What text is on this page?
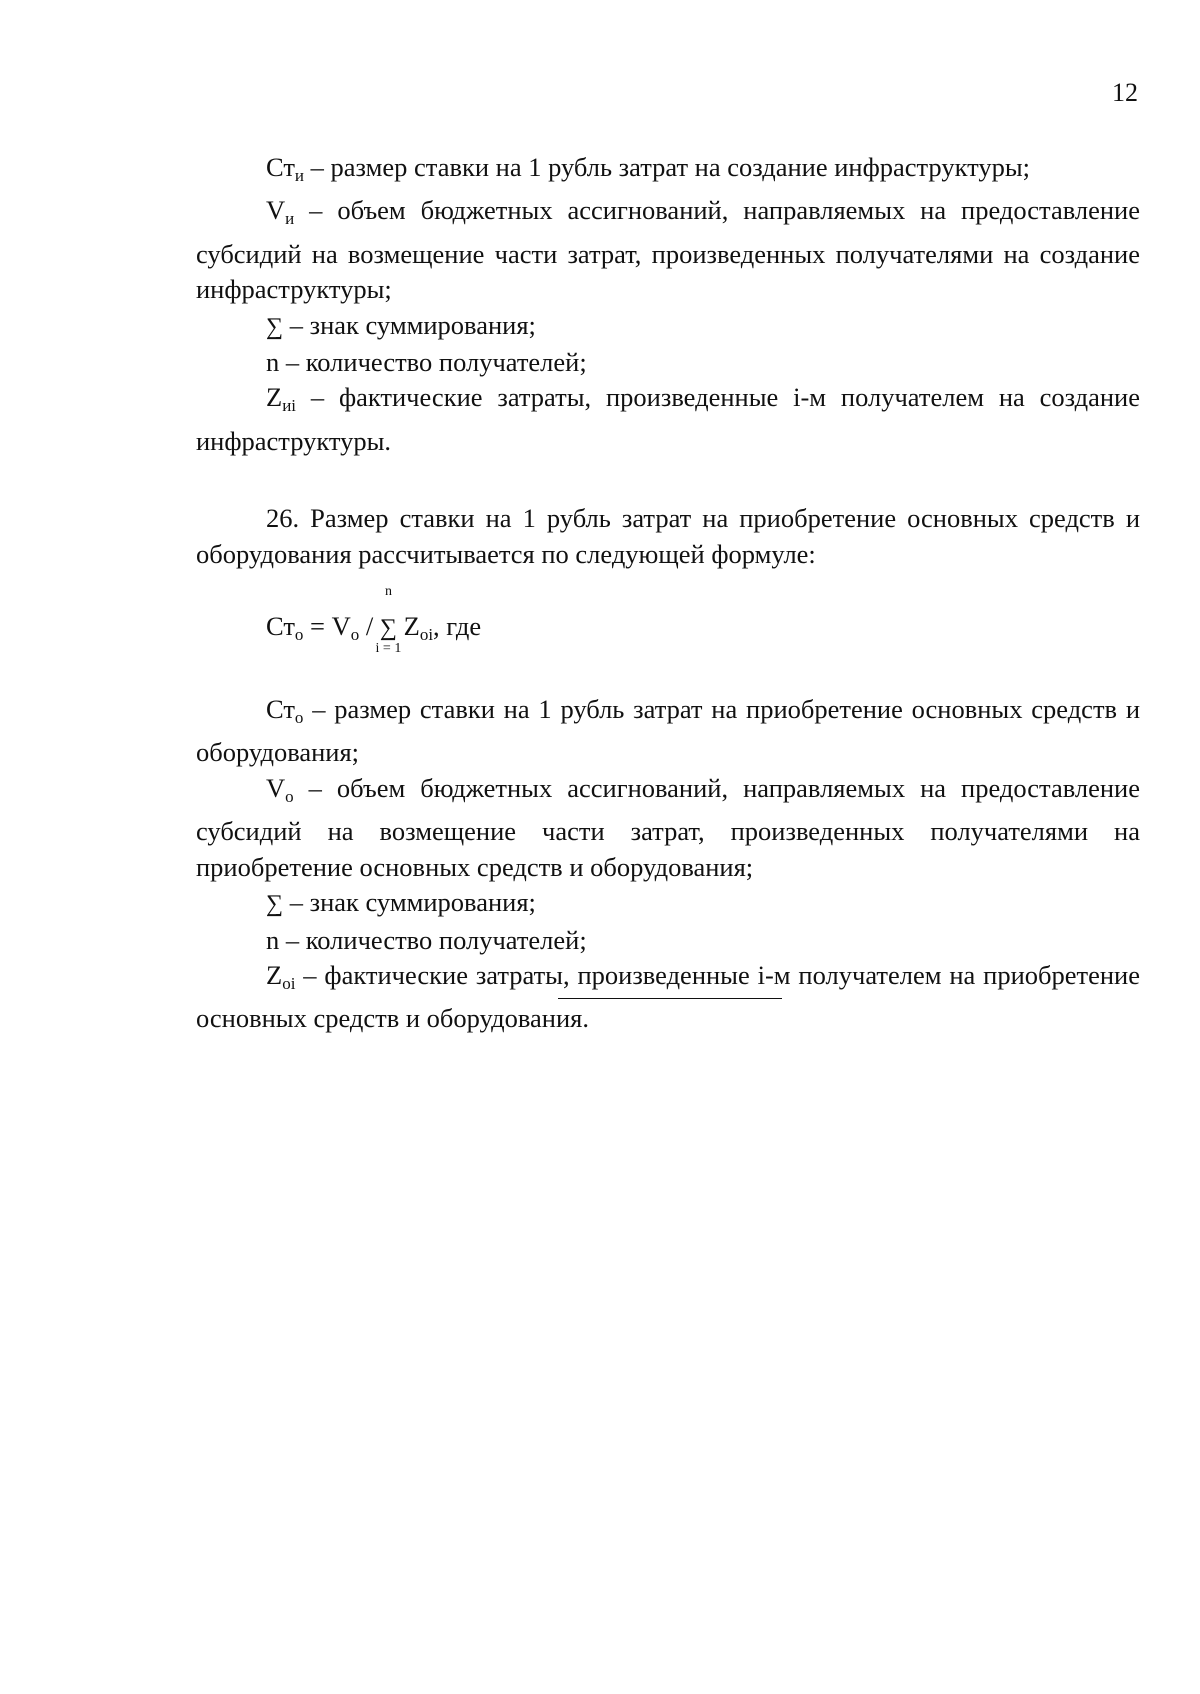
12

$Ст_и$ – размер ставки на 1 рубль затрат на создание инфраструктуры;

$V_и$ – объем бюджетных ассигнований, направляемых на предоставление субсидий на возмещение части затрат, произведенных получателями на создание инфраструктуры;

∑ – знак суммирования;

n – количество получателей;

$Z_{иi}$ – фактические затраты, произведенные i-м получателем на создание инфраструктуры.

26. Размер ставки на 1 рубль затрат на приобретение основных средств и оборудования рассчитывается по следующей формуле:

$Ст_о = V_о$ /
n
∑
i = 1
$Z_{оi}$, где

$Ст_о$ – размер ставки на 1 рубль затрат на приобретение основных средств и оборудования;

$V_о$ – объем бюджетных ассигнований, направляемых на предоставление субсидий на возмещение части затрат, произведенных получателями на приобретение основных средств и оборудования;

∑ – знак суммирования;

n – количество получателей;

$Z_{оi}$ – фактические затраты, произведенные i-м получателем на приобретение основных средств и оборудования.
